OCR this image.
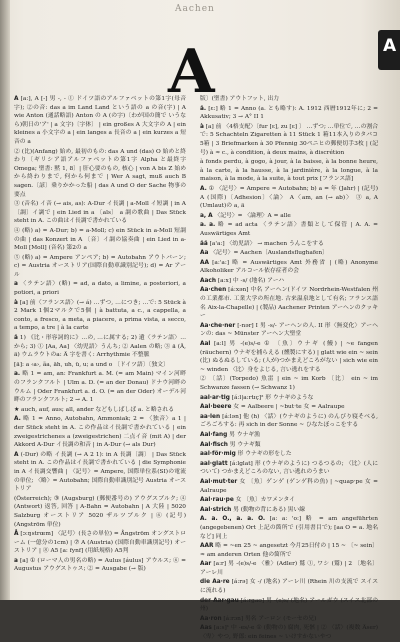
Aachen
A	A

A [a:], A [-] 男 -, - ① ドイツ語のアルファベットの第1字(母音字); ②の音: das a im Land Land という語の a の音(字) | A wie Anton (通話略語) Anton の A (の字)〔わが国の簡で いうなら)朝日の'ア' | a 文字)〔字体〕 | ein großes A 大文字の A | ein kleines a 小文字の a | ein langes a 長音の a | ein kurzes a 短音の a

② (比)(Anfang) 始め, 最初のもの: das A und (das) O 始めと終わり〔ギリシア語アルファベットの第1字 Alpha と最終字 Omega; 聖書: 黙 1, 8〕| 肝心要のもの, 核心 | von A bis Z 始めから終わりまで, 何から何まで | Wer A sagt, muß auch B sagen.〔諺〕乗りかかった船 | das A und O der Sache 物事の要点

③ (音名) イ音 (→ ais, as): A-Dur イ長調 | a-Moll イ短調 | in A 〔調〕イ調で | ein Lied in a 〔als〕 a 調の歌曲 | Das Stück steht in A. この曲はイ長調で書かれている

④ (略) a) = A-Dur; b) = a-Moll; c) ein Stück in a-Moll 短調の曲 | das Konzert in A 〔音〕イ調の協奏曲 | ein Lied in a-Moll [Moll] (音名) 第2の a

⑤ (略) a) = Ampere アンペア; b) = Autobahn アウトバーン; c) = Austria オーストリア(国際自動車識別記号); d) = Ar アール

a 〈ラテン語〉(略) = ad, a dato, a limine, a posteriori, a potiori, a priori

à [a] 前〈フランス語〉(→ á) …ずつ, …につき; …で: 5 Stück à 2 Mark 1個2マルクで5個 | à battuta, a c., a cappella, a conto, a fresco, a meta, a piacere, a prima vista, a secco, a tempo, a tre | à la carte

ä 1) 《比・形容詞的に》…の, …に属する; 2) 遺〈ラテン語〉…から; 3) ① [Aa, Aa] 〈幼児語〉うんち; ② Aalen の略; ③ ä (Ä, ä) ウムラウトのa: Ä 字を書く: Arrhythmie 不整脈

[ä]: a ‹a›, ãa, äh, uh, ü, u; a und o 〔ドイツ語〕〔独文〕

a. 略 1 = am, an: Frankfurt a. M. (= am Main) マイン河畔のフランクフルト | Ulm a. D. (= an der Donau) ドナウ河畔のウルム | Oder Frankfurt a. d. O. (= an der Oder) オーデル河畔のフランクフルト; 2 → A. 1

★ auch, auf, aus; all, ander などもしばしば a. と略される

A. 略 1 = Anno, Autobahn, Ammoniak; 2 = 〈独音〉a 1 | der Stück steht in A. この作品はイ長調で書かれている | ein zweigestrichenes a (zweigestrichen) 二点イ音 (mit A) | der Akkord A-Dur イ長調の和音 | in A-Dur (→ als Dur)

A (-Dur) の略 イ長調 (→ A 2 1): in A 長調〔調〕 | Das Stück steht in A. この作品はイ長調で書かれている | die Symphonie in A イ長調交響曲 | 〈記号〉= Ampere, 国際単位系(SI)の電流の単位; 〈略〉= Autobahn; 国際自動車識別記号 Austria オーストリア

(Österreich); ③ (Augsburg) (郵便番号の) アウグスブルク; ④ (Antwort) 返答, 回答 | A-Bahn = Autobahn | A 大陸 | 5020 Salzburg オーストリア 5020 ザルツブルク | ⑥ (記号) (Angström 単位)

Å [ɔ:ŋstrœm] 〈記号〉(長さの単位) = Ångström オングストローム (一億分の1cm) | ⑦ A (Austria) (国際自動車識別記号) オーストリア | ⑧ A5 [a: fynf] (用紙規格) A5判

a [a] ① (ローマ人の男名の略) = Aulus [áulus] アウルス; ⑥ = Augustus アウグストゥス; ② = Ausgabe (→ 版)

版〕(聖書) アウトフット, 出力

ä. [ɛ:] 略 1 = Anno (a. とも略す): A. 1912 西暦1912年に; 2 = Akkusativ; 3 → A° II 1

à [a] 前 〈4格支配〉〔fur [ɛ], zu [ɛ] 〕 …ずつ; …単位で, …の割合で: 5 Schachteln Zigaretten à 11 Stück 1 箱11本入りのタバコ5箱 | 3 Briefmarken à 30 Pfennig 30ペニヒの郵便切手3枚 | (記号) à ≈ c., à condition, à deux mains, à discrétion

à fonds perdu, à gogo, à jour, à la baisse, à la bonne heure, à la carte, à la hausse, à la jardinière, à la longue, à la maison, à la mode, à la suite, à tout prix [フランス語]

A. ① 〈記号〉= Ampere ≈ Autobahn; b) a = 年 (Jahr) | (記号) A (国際)〔Adhesion〕〈論〉 A〈am, an (→ ab)〉 ③ a, A (Umlaut)の a, ä

a, A 〈記号〉= 〈論理〉A = alle

a. a. 略 = ad acta 〈ラテン語〉書類として保管 | A. A. = Auswärtiges Amt

ää [a'a:] 〈幼児語〉 → machen うんこをする

Aa 〈記号〉= Aachen〔Auslandsflughafen〕

AA [a:'a:] 略 = Auswärtiges Amt 外務省 | (略) Anonyme Alkoholiker アルコール依存症者の会

Aach [a:x] 中 -s/ (地名) アーハ

Aa·chen [á:xən] 中名 アーヘン(ドイツ Nordrhein-Westfalen 州の工業都市. 工業大学の所在地. 古来温泉地として有名; フランス語名 Aix-la-Chapelle) | (製品) Aachener Printen アーヘンのクッキー

Aa·che·ner [-nər] I 男 -s/- アーヘンの人. II 形〈無変化〉アーヘンの: das ~ Münster アーヘン大聖堂

Aal [a:l] 男 -(e)s/-e ① 〔魚〕ウナギ (鰻) | ~e fangen (räuchern) ウナギを捕らえる (燻製にする) | glatt wie ein ~ sein (比) ぬるぬるしている; (人が)つかまえどころがない | sich wie ein ~ winden 〈比〉身をよじる, 言い逃れをする

② 〔話〕(Torpedo) 魚雷 | ein ~ im Korb 〔比〕 ein ~ im Schwanze fassen (→ Schwanz 1)

aal·ar·tig [á:l|a:rtɪç]² 形 ウナギのような

Aal·beere 女 = Aalbeere | ~but·te 女 = Aalraupe

aa·len [á:lən] 他 (h) 〈話〉(ウナギのように) のんびり寝そべる, ごろごろする: 再 sich in der Sonne ~ ひなたぼっこをする

Aal·fang 男 ウナギ漁

Aal·fisch 男 ウナギ類

aal·för·mig 形 ウナギの形をした

aal·glatt [á:lglat] 形 (ウナギのように) つるつるの; 〈比〉(人について) つかまえどころのない, 言い逃れのうまい

Aal·mut·ter 女 〔魚〕ゲンゲ (ゲンゲ科の魚) | ~quap·pe 女 = Aalraupe

Aal·rau·pe 女 〔魚〕カワメンタイ

Aal·strich 男 (動物の背にある) 黒い線

A. a. O., a. a. O. [a: a: 'o:] 略 = am angeführten (angegebenen) Ort 上記の箇所で (引用書目で); [aa O = a. 地名など] 同上

AAR 略 = ~en 25 ~ angesetzt 今月25日付の | 15 ~ 〔~ sein〕 ≈ am anderen Orten 他の箇所で

Aar [a:r] 男 -(e)s/-e 〈雅〉(Adler) 鷲 ①, ワシ (鷲) | 2 〔地名〕 アーレ川

die Aa·re [á:rə] 女 -/ (地名) アーレ川 (Rhein 川の支流で スイスに流れる)

der Aar·gau [á:rgaʊ] 男 -(e)s/ (地名) アールガウ (スイス北部の州)

Aa·ron [á:rɔn] 男名 アーロン (モーセの兄)

Aas [a:s]¹ 中 -es/-e ① (動物の) 腐肉, 死骸 | ② 〈話〉(複数 Äser) 〈卑〉やつ, 野郎: ein feines ~ いけすかないやつ
